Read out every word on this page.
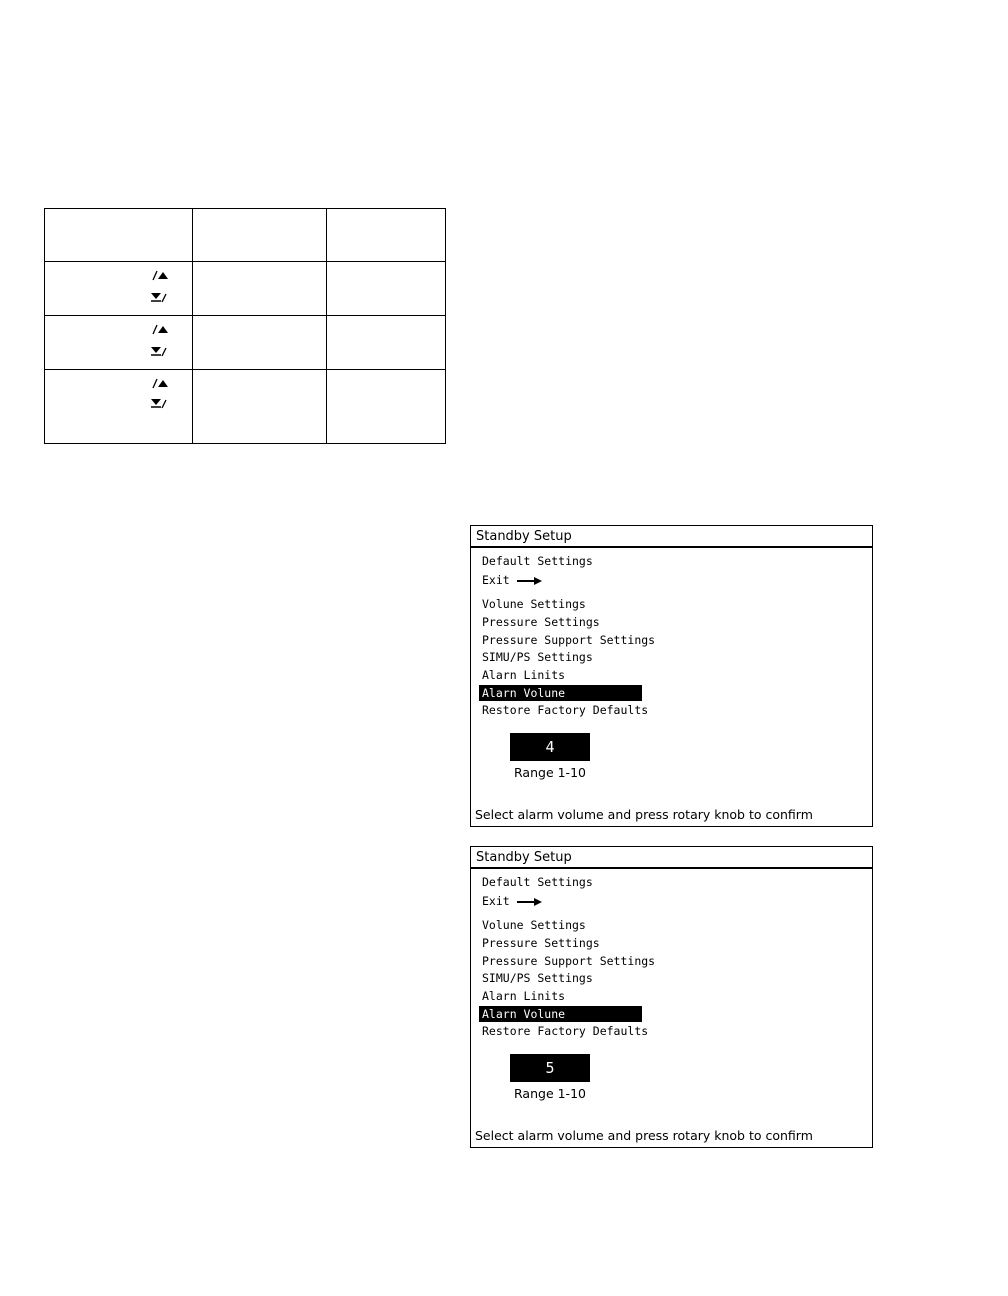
Standby Setup
Default Settings
Exit
Volune Settings
Pressure Settings
Pressure Support Settings
SIMU/PS Settings
Alarn Linits
Alarn Volune
Restore Factory Defaults
4
Range 1-10
Select alarm volume and press rotary knob to confirm
Standby Setup
Default Settings
Exit
Volune Settings
Pressure Settings
Pressure Support Settings
SIMU/PS Settings
Alarn Linits
Alarn Volune
Restore Factory Defaults
5
Range 1-10
Select alarm volume and press rotary knob to confirm
